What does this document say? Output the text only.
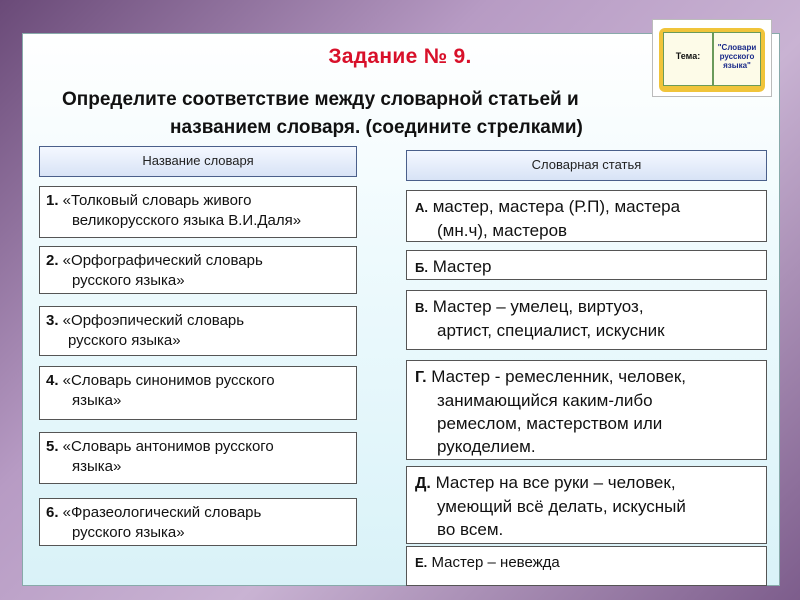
Задание № 9.
Определите соответствие между словарной статьей и
названием словаря. (соедините стрелками)
Тема:
"Словари русского языка"
Название словаря	Словарная статья
1. «Толковый словарь живого
великорусского языка В.И.Даля»
2. «Орфографический словарь
русского языка»
3. «Орфоэпический словарь
русского языка»
4. «Словарь синонимов русского
языка»
5. «Словарь антонимов русского
языка»
6. «Фразеологический словарь
русского языка»
А. мастер, мастера (Р.П), мастера
(мн.ч), мастеров
Б. Мастер
В. Мастер – умелец, виртуоз,
артист, специалист, искусник
Г. Мастер - ремесленник, человек,
занимающийся каким-либо
ремеслом, мастерством или
рукоделием.
Д. Мастер на все руки – человек,
умеющий всё делать, искусный
во всем.
Е. Мастер – невежда
